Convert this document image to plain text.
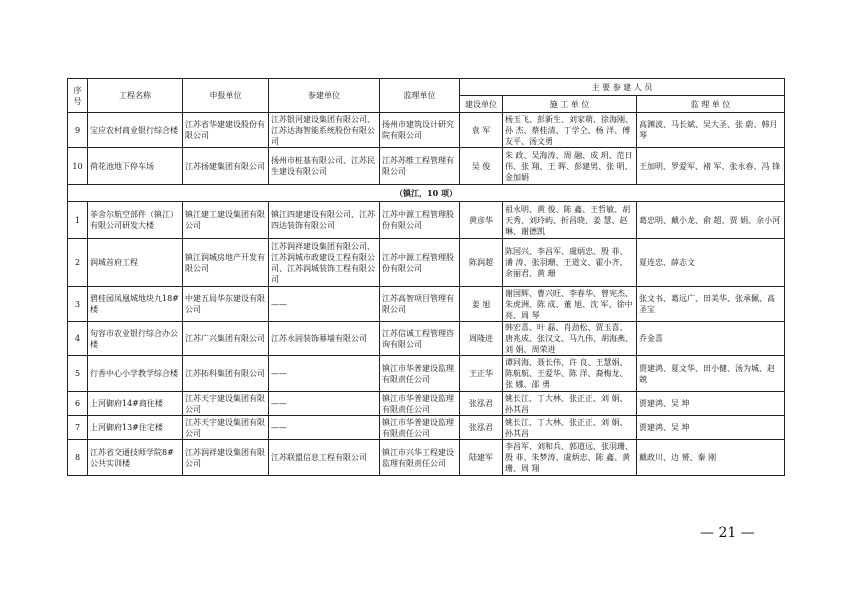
序号	工程名称	申报单位	参建单位	监理单位	主 要 参 建 人 员		
					建设单位	施 工 单 位	监 理 单 位
9	宝应农村商业银行综合楼	江苏省华建建设股份有限公司	江苏银河建设集团有限公司、江苏达海智能系统股份有限公司	扬州市建筑设计研究院有限公司	袁 军	杨玉飞、彭新生、刘家萌、徐海刚、孙 杰、蔡桂清、丁学仝、杨 洋、傅友平、汤文勇	高渊波、马长斌、吴大圣、张 蔚、韩月琴
10	荷花池地下停车场	江苏扬建集团有限公司	扬州市桩基有限公司、江苏民生建设有限公司	江苏苏维工程管理有限公司	吴 俊	朱 政、吴海涛、周 融、成 玥、范日伟、张 翔、王 晖、彭建男、张 明、金加娟	王加明、罗爱军、褚 军、张永春、冯 锋
（镇江，10 项）							
1	菲舍尔航空部件（镇江）有限公司研发大楼	镇江建工建设集团有限公司	镇江四建建设有限公司、江苏四达装饰有限公司	江苏中源工程管理股份有限公司	黄彦华	祖永明、黄 俊、陈 鑫、王哲敏、胡天秀、刘玲屿、折昌晓、姜 慧、赵 琳、谢德凯	葛忠明、戴小龙、俞 超、贾 娟、余小河
2	润城首府工程	镇江润城房地产开发有限公司	江苏润祥建设集团有限公司、江苏润城市政建设工程有限公司、江苏润城装饰工程有限公司	江苏中源工程管理股份有限公司	陈润超	陈国兴、李昌军、虞炳忠、殷 菲、潘 涛、张羽珊、王道文、霍小齐、余丽君、黄 珊	夏连忠、薛志文
3	碧桂园凤凰城地块九18#楼	中建五局华东建设有限公司	——	江苏高智项目管理有限公司	姜 旭	谢国辉、曹兴旺、李春华、曾宪杰、朱虎洲、陈 成、董 旭、沈 军、徐中亮、周 琴	张文书、葛远广、田美华、张承佩、高圣宝
4	句容市农业银行综合办公楼	江苏广兴集团有限公司	江苏永固装饰幕墙有限公司	江苏信诚工程管理咨询有限公司	周隆进	韩宏喜、叶 磊、肖劲松、贾玉喜、唐兆成、张汉文、马九伟、胡海燕、刘 娟、周荣进	乔金喜
5	行香中心小学教学综合楼	江苏拓科集团有限公司	——	镇江市华普建设监理有限责任公司	王正华	谭同海、聂长伟、许 良、王慧娟、陈航航、王爱华、陈 洋、裔梅龙、张 娜、邵 勇	贾建鸿、夏文华、田小健、汤为城、赵 兢
6	上河御府14#商住楼	江苏天宇建设集团有限公司	——	镇江市华普建设监理有限责任公司	张泓君	姚长江、丁大林、张正正、刘 娟、孙其昌	贾建鸿、吴 坤
7	上河御府13#住宅楼	江苏天宇建设集团有限公司	——	镇江市华普建设监理有限责任公司	张泓君	姚长江、丁大林、张正正、刘 娟、孙其昌	贾建鸿、吴 坤
8	江苏省交通技师学院8#公共实训楼	江苏润祥建设集团有限公司	江苏联盟信息工程有限公司	镇江市兴华工程建设监理有限责任公司	陆建军	李昌军、刘和兵、郭道远、张羽珊、殷 菲、朱梦涛、虞炳忠、陈 鑫、黄 珊、周 翔	戴政川、边 赟、秦 刚
— 21 —
